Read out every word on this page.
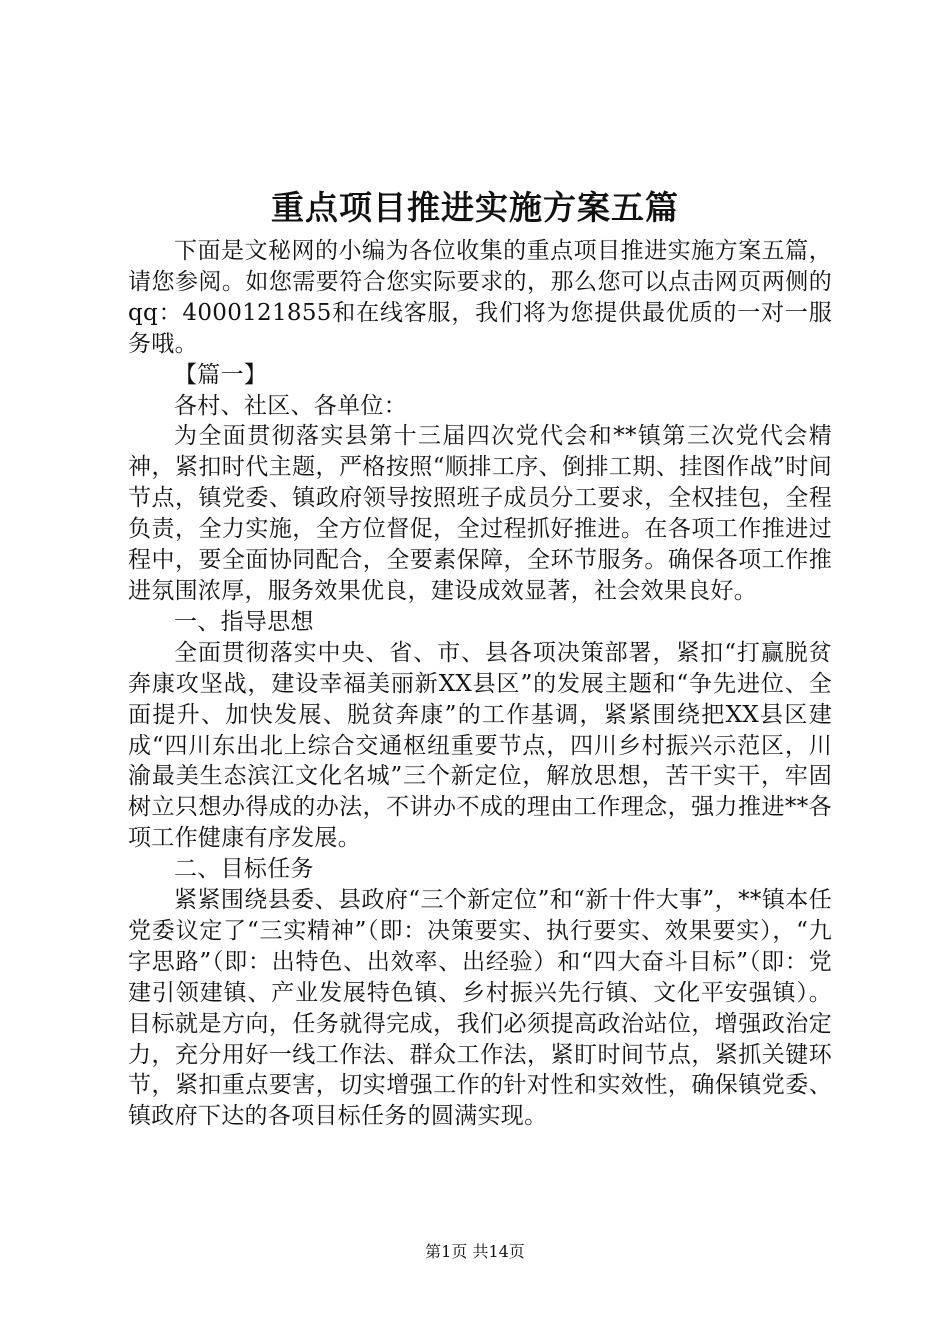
重点项目推进实施方案五篇

下面是文秘网的小编为各位收集的重点项目推进实施方案五篇，请您参阅。如您需要符合您实际要求的，那么您可以点击网页两侧的qq：4000121855和在线客服，我们将为您提供最优质的一对一服务哦。

【篇一】

各村、社区、各单位：

为全面贯彻落实县第十三届四次党代会和**镇第三次党代会精神，紧扣时代主题，严格按照“顺排工序、倒排工期、挂图作战”时间节点，镇党委、镇政府领导按照班子成员分工要求，全权挂包，全程负责，全力实施，全方位督促，全过程抓好推进。在各项工作推进过程中，要全面协同配合，全要素保障，全环节服务。确保各项工作推进氛围浓厚，服务效果优良，建设成效显著，社会效果良好。

一、指导思想

全面贯彻落实中央、省、市、县各项决策部署，紧扣“打赢脱贫奔康攻坚战，建设幸福美丽新XX县区”的发展主题和“争先进位、全面提升、加快发展、脱贫奔康”的工作基调，紧紧围绕把XX县区建成“四川东出北上综合交通枢纽重要节点，四川乡村振兴示范区，川渝最美生态滨江文化名城”三个新定位，解放思想，苦干实干，牢固树立只想办得成的办法，不讲办不成的理由工作理念，强力推进**各项工作健康有序发展。

二、目标任务

紧紧围绕县委、县政府“三个新定位”和“新十件大事”，**镇本任党委议定了“三实精神”（即：决策要实、执行要实、效果要实），“九字思路”（即：出特色、出效率、出经验）和“四大奋斗目标”（即：党建引领建镇、产业发展特色镇、乡村振兴先行镇、文化平安强镇）。目标就是方向，任务就得完成，我们必须提高政治站位，增强政治定力，充分用好一线工作法、群众工作法，紧盯时间节点，紧抓关键环节，紧扣重点要害，切实增强工作的针对性和实效性，确保镇党委、镇政府下达的各项目标任务的圆满实现。

第1页 共14页
